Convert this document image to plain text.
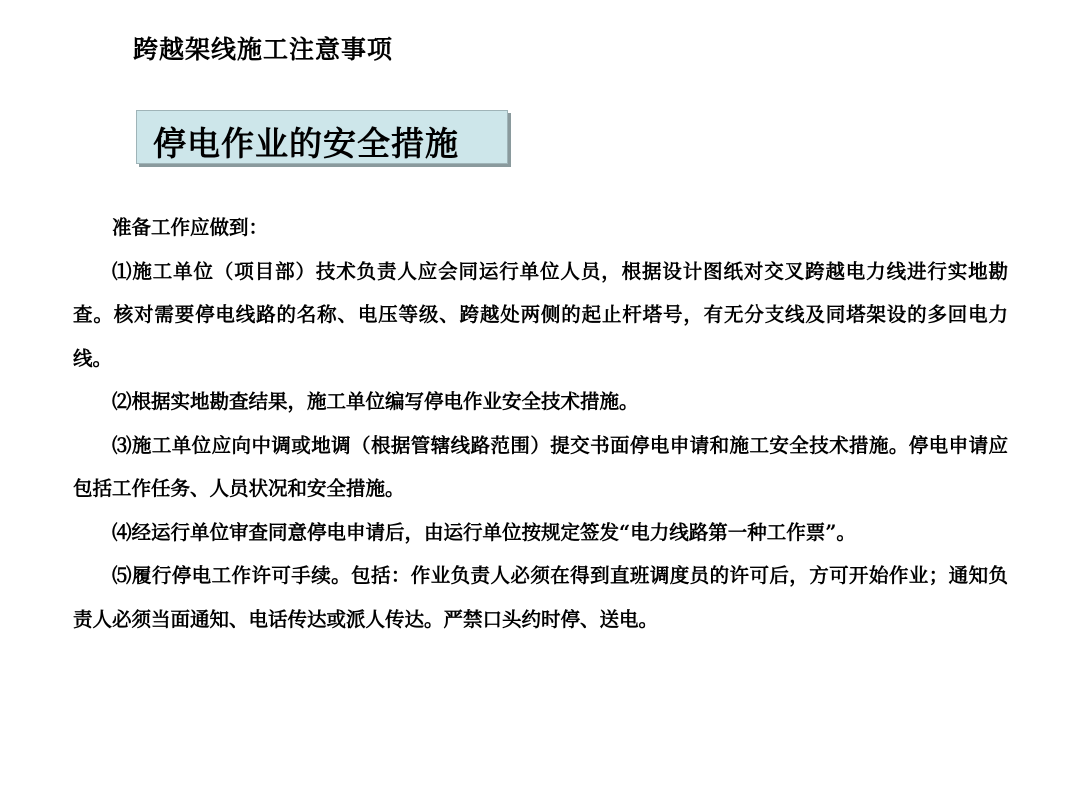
跨越架线施工注意事项
停电作业的安全措施

准备工作应做到：

⑴施工单位（项目部）技术负责人应会同运行单位人员，根据设计图纸对交叉跨越电力线进行实地勘查。核对需要停电线路的名称、电压等级、跨越处两侧的起止杆塔号，有无分支线及同塔架设的多回电力线。

⑵根据实地勘查结果，施工单位编写停电作业安全技术措施。

⑶施工单位应向中调或地调（根据管辖线路范围）提交书面停电申请和施工安全技术措施。停电申请应包括工作任务、人员状况和安全措施。

⑷经运行单位审查同意停电申请后，由运行单位按规定签发“电力线路第一种工作票”。

⑸履行停电工作许可手续。包括：作业负责人必须在得到直班调度员的许可后，方可开始作业；通知负责人必须当面通知、电话传达或派人传达。严禁口头约时停、送电。
